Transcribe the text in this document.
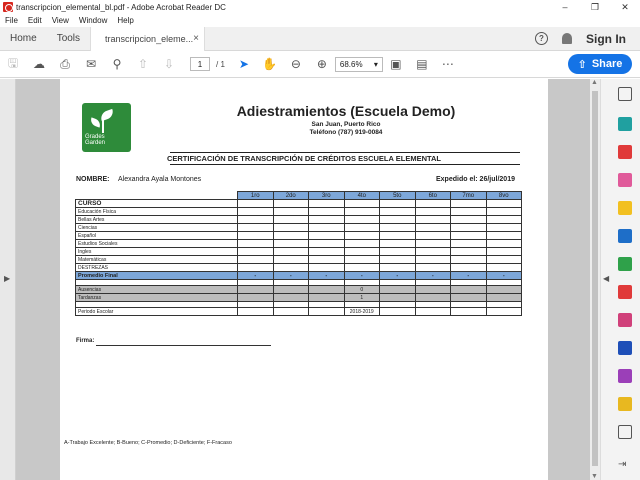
transcripcion_elemental_bl.pdf - Adobe Acrobat Reader DC	–	❐	✕
File	Edit	View	Window	Help
Home	Tools	transcripcion_eleme... ×	?	Sign In
🖫	☁	⎙	✉	⚲	⇧	⇩	1	/ 1	➤	✋	⊖	⊕	68.6% ▾	▣	▤	⋯	⇧ Share
▶
Grades
Garden
Adiestramientos (Escuela Demo)
San Juan, Puerto Rico
Teléfono (787) 919-0084
CERTIFICACIÓN DE TRANSCRIPCIÓN DE CRÉDITOS ESCUELA ELEMENTAL
NOMBRE: Alexandra Ayala Montones	Expedido el: 26/jul/2019
	1ro	2do	3ro	4to	5to	6to	7mo	8vo
CURSO								
Educación Física								
Bellas Artes								
Ciencias								
Español								
Estudios Sociales								
Ingles								
Matemáticas								
DESTREZAS								
Promedio Final	-	-	-	-	-	-	-	-

Ausencias				0				
Tardanzas				1				

Periodo Escolar				2018-2019				
Firma:
A-Trabajo Excelente; B-Bueno; C-Promedio; D-Deficiente; F-Fracaso
▲
▼
◀
⇥
